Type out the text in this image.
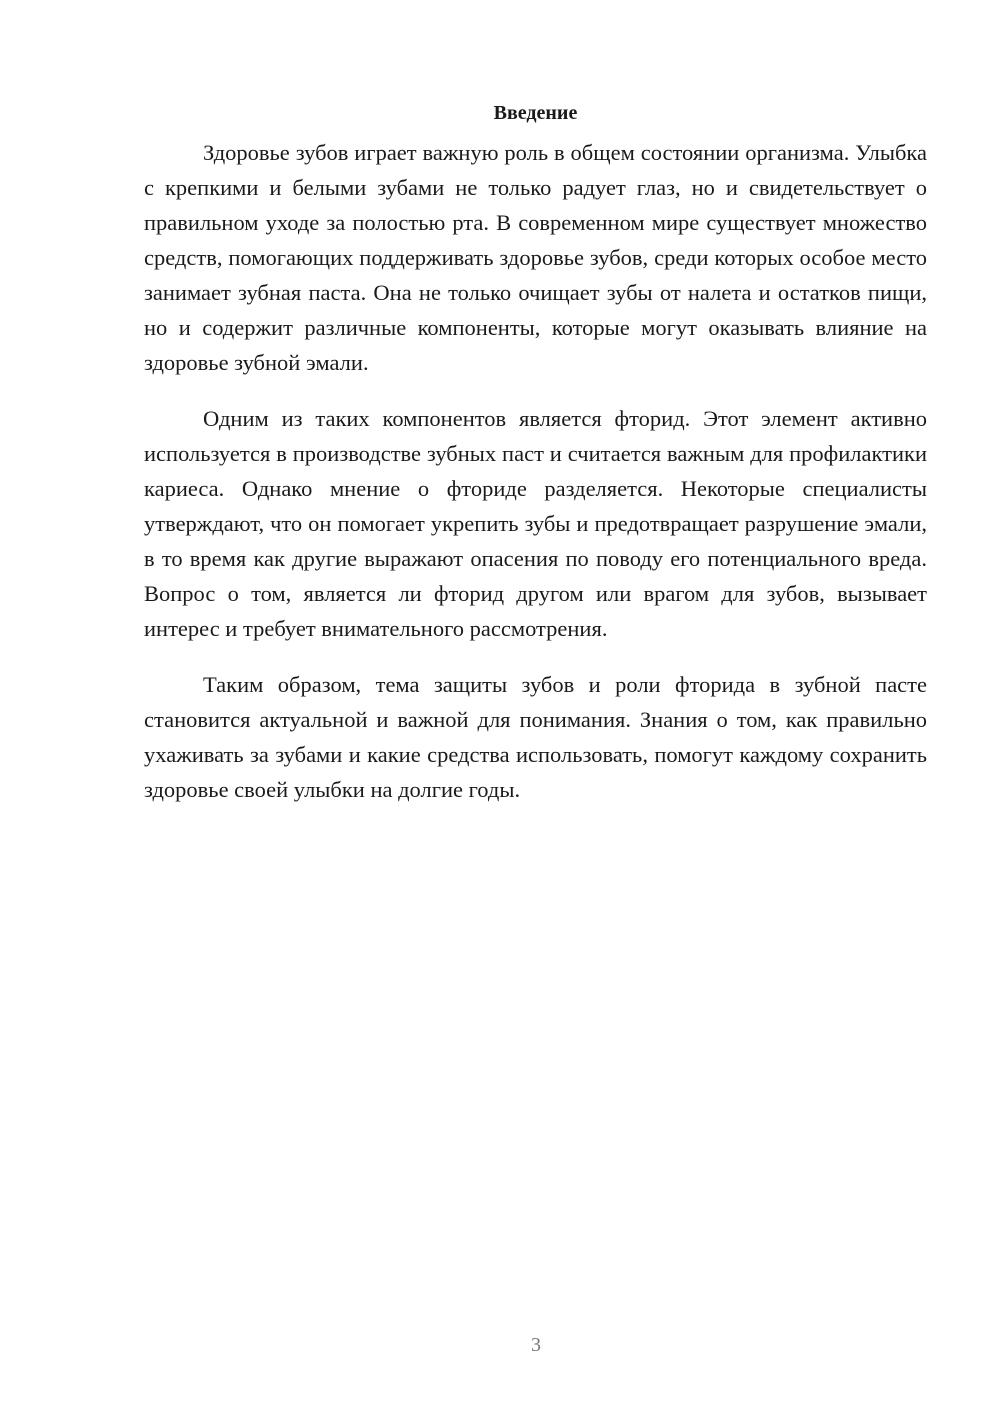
Введение

Здоровье зубов играет важную роль в общем состоянии организма. Улыбка с крепкими и белыми зубами не только радует глаз, но и свидетельствует о правильном уходе за полостью рта. В современном мире существует множество средств, помогающих поддерживать здоровье зубов, среди которых особое место занимает зубная паста. Она не только очищает зубы от налета и остатков пищи, но и содержит различные компоненты, которые могут оказывать влияние на здоровье зубной эмали.

Одним из таких компонентов является фторид. Этот элемент активно используется в производстве зубных паст и считается важным для профилактики кариеса. Однако мнение о фториде разделяется. Некоторые специалисты утверждают, что он помогает укрепить зубы и предотвращает разрушение эмали, в то время как другие выражают опасения по поводу его потенциального вреда. Вопрос о том, является ли фторид другом или врагом для зубов, вызывает интерес и требует внимательного рассмотрения.

Таким образом, тема защиты зубов и роли фторида в зубной пасте становится актуальной и важной для понимания. Знания о том, как правильно ухаживать за зубами и какие средства использовать, помогут каждому сохранить здоровье своей улыбки на долгие годы.

3
